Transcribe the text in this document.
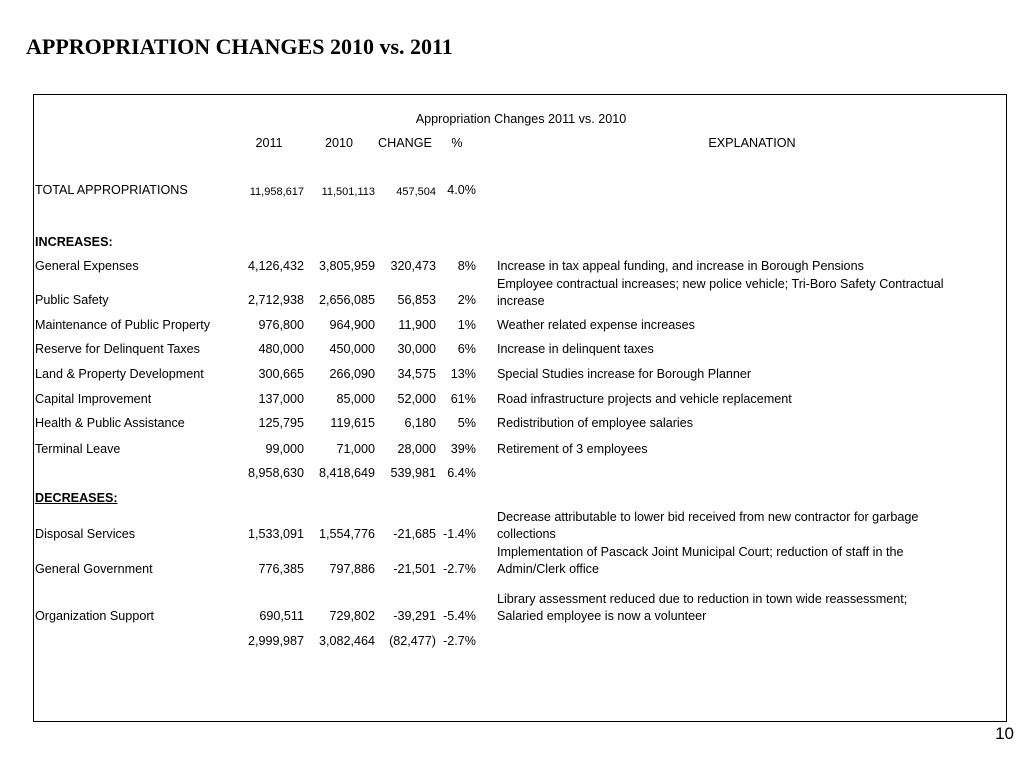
APPROPRIATION CHANGES 2010 vs. 2011
Appropriation Changes 2011 vs. 2010
2011	2010	CHANGE	%	EXPLANATION
TOTAL APPROPRIATIONS	11,958,617	11,501,113	457,504 4.0%
INCREASES:
General Expenses	4,126,432	3,805,959	320,473	8% Increase in tax appeal funding, and increase in Borough Pensions
Public Safety	2,712,938	2,656,085	56,853	2%
Employee contractual increases; new police vehicle; Tri-Boro Safety Contractual
increase
Maintenance of Public Property	976,800	964,900	11,900	1% Weather related expense increases
Reserve for Delinquent Taxes	480,000	450,000	30,000	6% Increase in delinquent taxes
Land & Property Development	300,665	266,090	34,575	13% Special Studies increase for Borough Planner
Capital Improvement	137,000	85,000	52,000	61% Road infrastructure projects and vehicle replacement
Health & Public Assistance	125,795	119,615	6,180	5% Redistribution of employee salaries
Terminal Leave	99,000	71,000	28,000	39% Retirement of 3 employees
8,958,630	8,418,649	539,981 6.4%
DECREASES:
Disposal Services	1,533,091	1,554,776	-21,685 -1.4%
Decrease attributable to lower bid received from new contractor for garbage
collections
General Government	776,385	797,886	-21,501 -2.7%
Implementation of Pascack Joint Municipal Court; reduction of staff in the
Admin/Clerk office
Organization Support	690,511	729,802	-39,291 -5.4%
Library assessment reduced due to reduction in town wide reassessment;
Salaried employee is now a volunteer
2,999,987	3,082,464	(82,477) -2.7%
10
